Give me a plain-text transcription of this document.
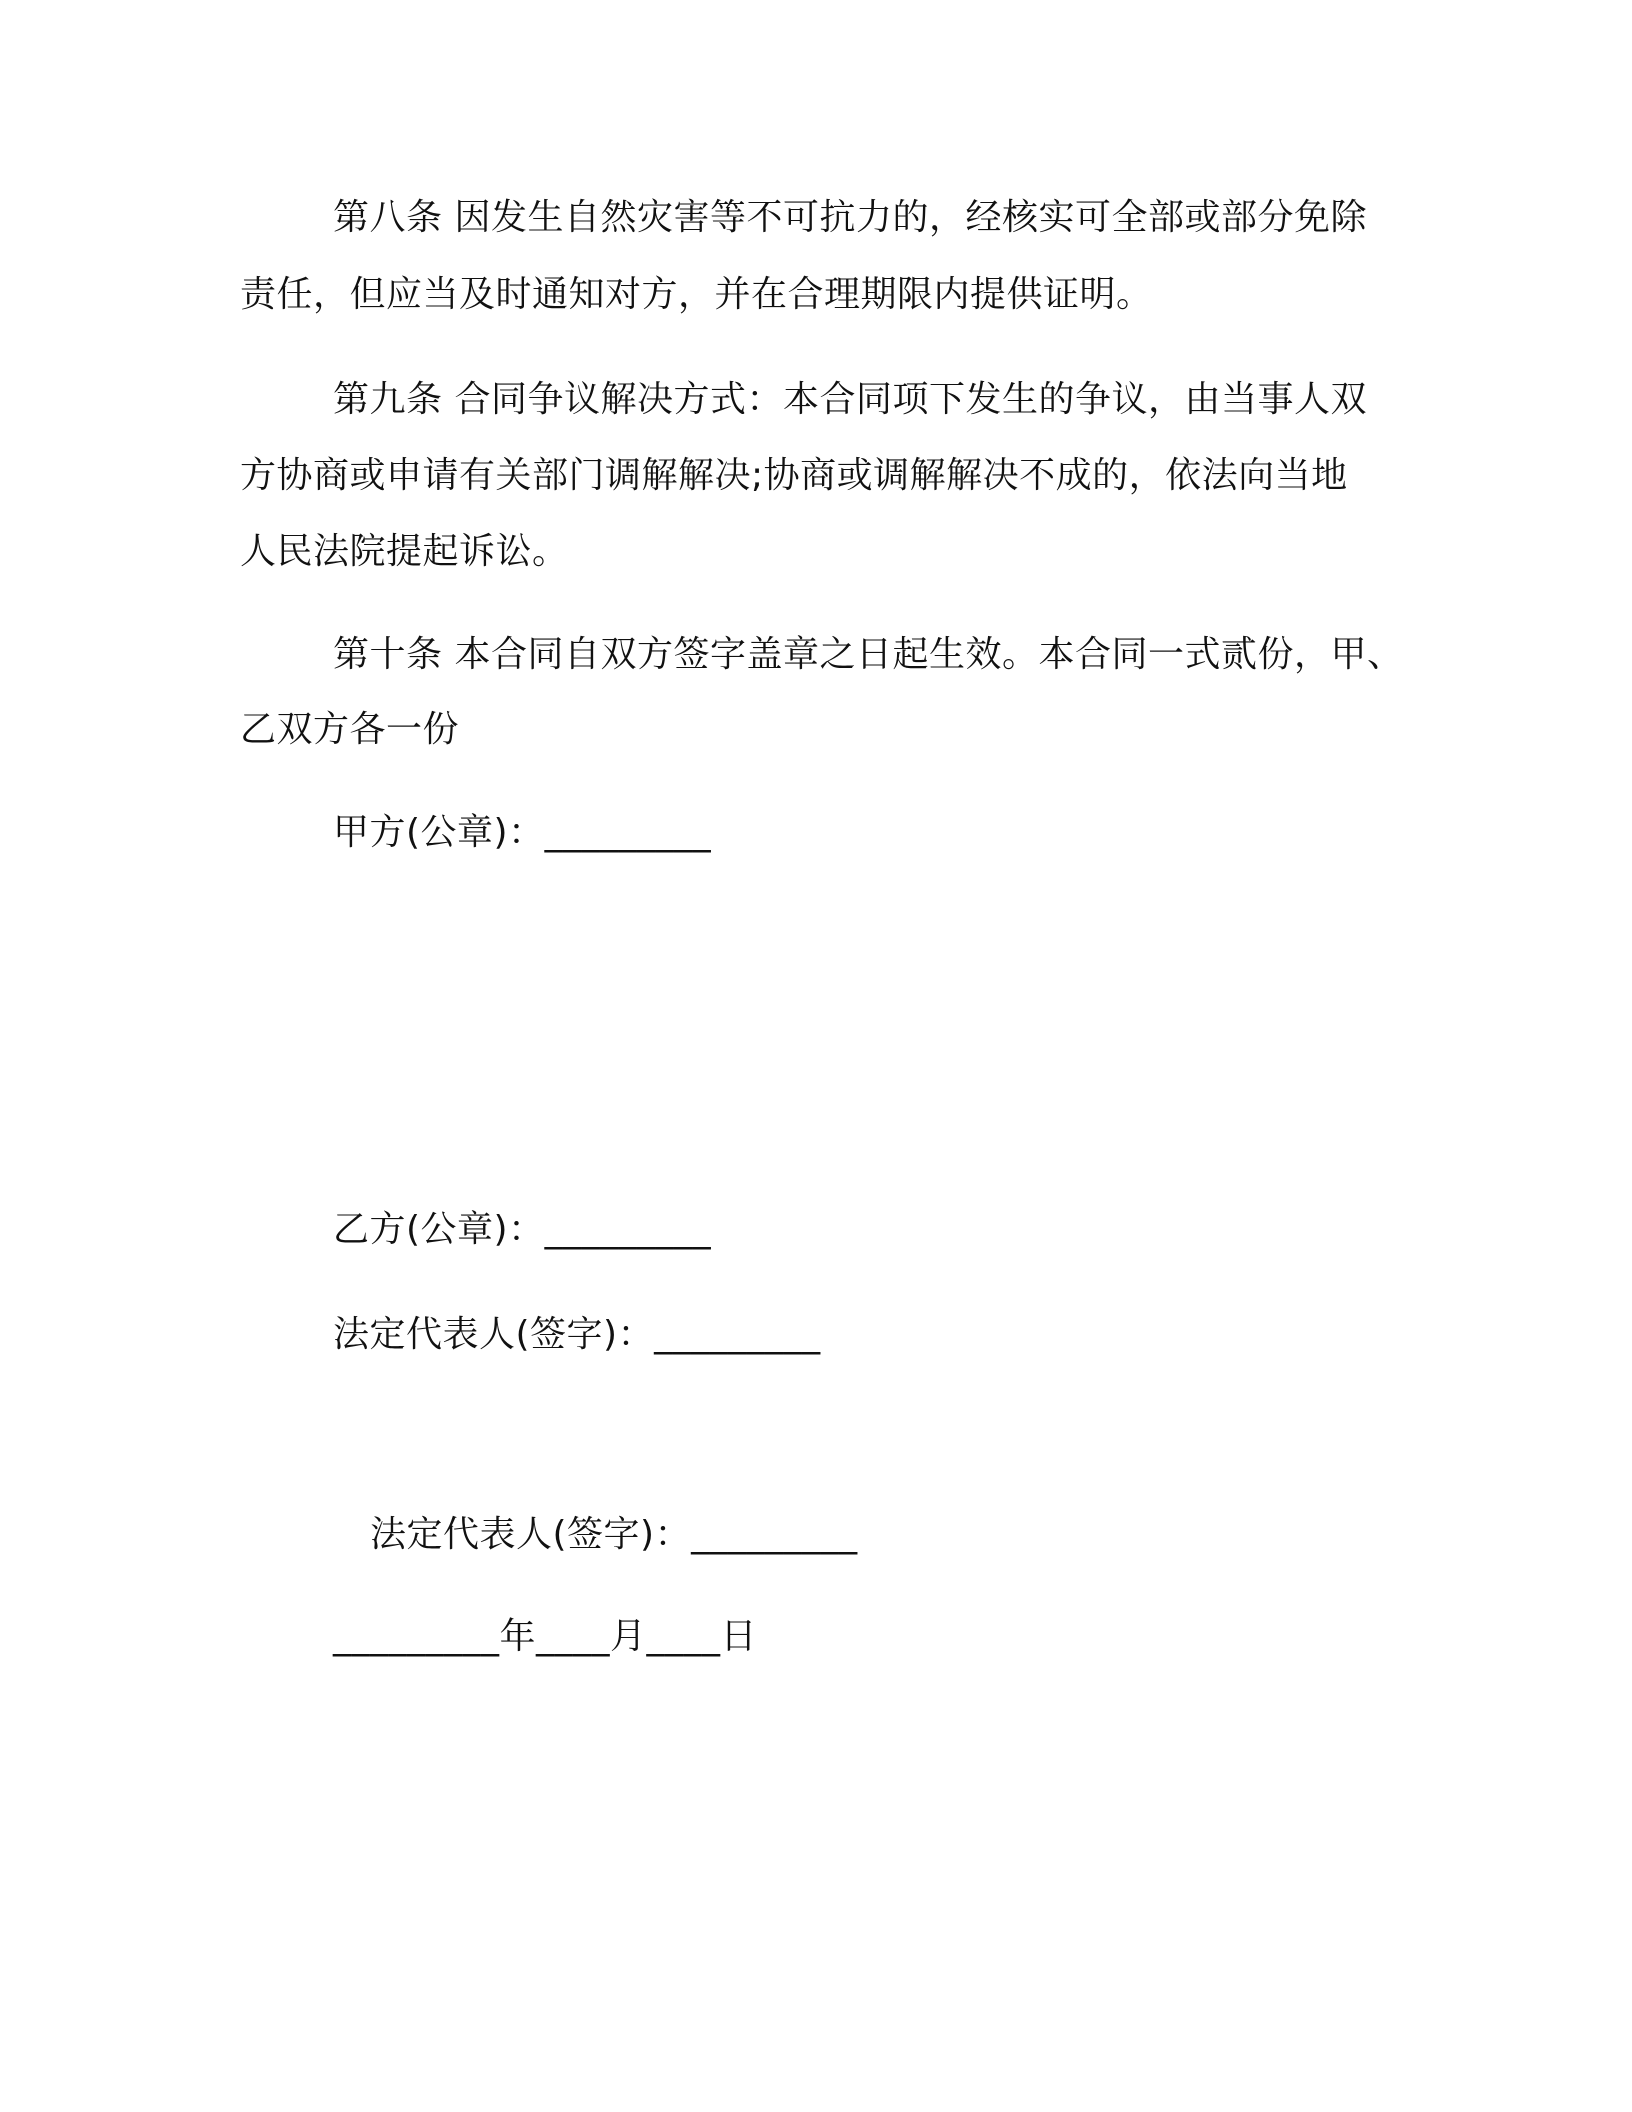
第八条 因发生自然灾害等不可抗力的，经核实可全部或部分免除
责任，但应当及时通知对方，并在合理期限内提供证明。
第九条 合同争议解决方式：本合同项下发生的争议，由当事人双
方协商或申请有关部门调解解决;协商或调解解决不成的，依法向当地
人民法院提起诉讼。
第十条 本合同自双方签字盖章之日起生效。本合同一式贰份，甲、
乙双方各一份
甲方(公章)：_________
乙方(公章)：_________
法定代表人(签字)：_________
法定代表人(签字)：_________
_________年____月____日
